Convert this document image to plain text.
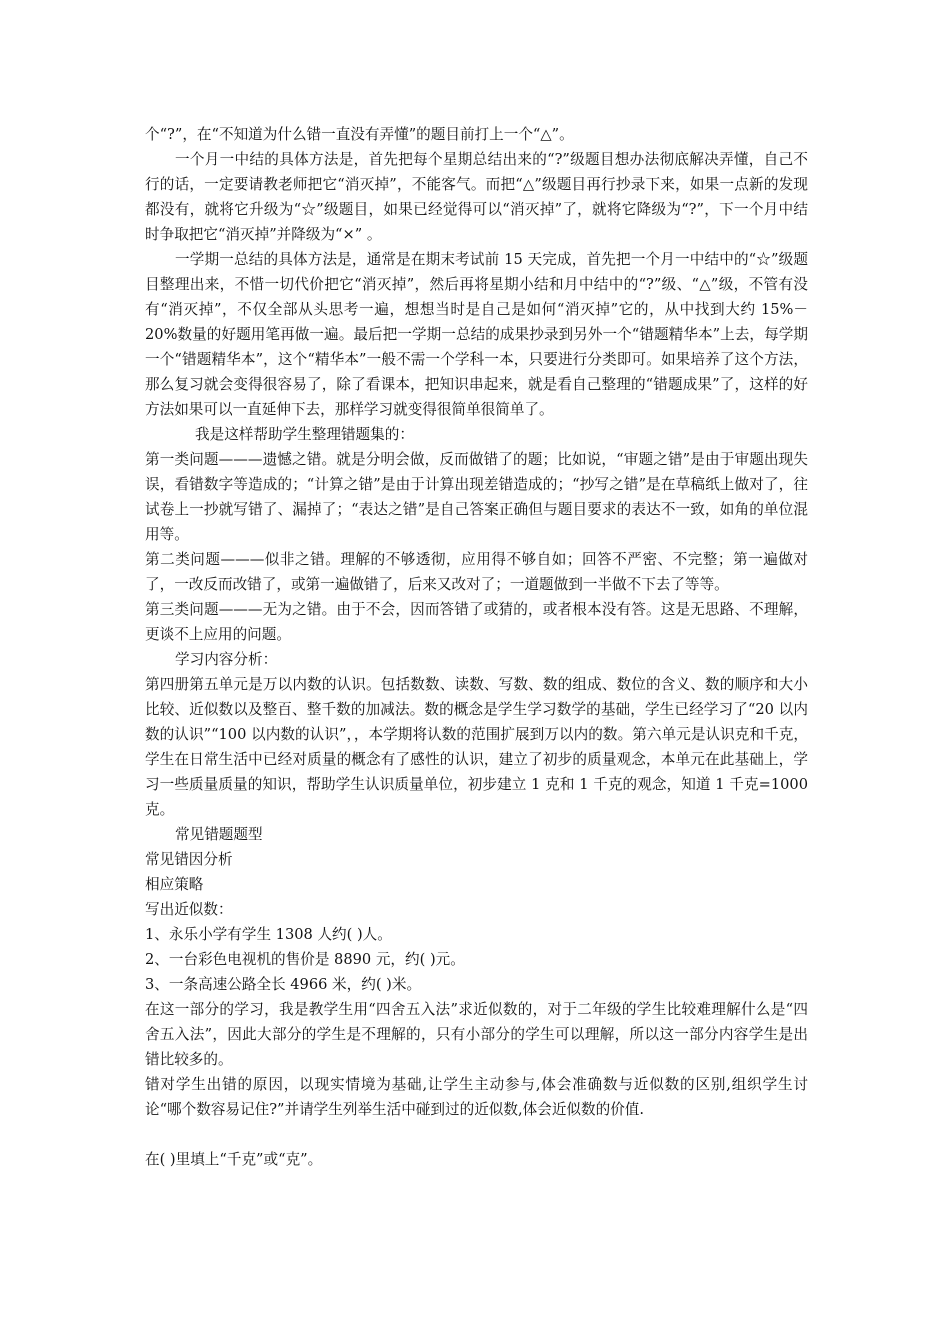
个“?”，在“不知道为什么错一直没有弄懂”的题目前打上一个“△”。

一个月一中结的具体方法是，首先把每个星期总结出来的“?”级题目想办法彻底解决弄懂，自己不行的话，一定要请教老师把它“消灭掉”，不能客气。而把“△”级题目再行抄录下来，如果一点新的发现都没有，就将它升级为“☆”级题目，如果已经觉得可以“消灭掉”了，就将它降级为“?”，下一个月中结时争取把它“消灭掉”并降级为“×” 。

一学期一总结的具体方法是，通常是在期末考试前 15 天完成，首先把一个月一中结中的“☆”级题目整理出来，不惜一切代价把它“消灭掉”，然后再将星期小结和月中结中的“?”级、“△”级，不管有没有“消灭掉”，不仅全部从头思考一遍，想想当时是自己是如何“消灭掉”它的，从中找到大约 15%－20%数量的好题用笔再做一遍。最后把一学期一总结的成果抄录到另外一个“错题精华本”上去，每学期一个“错题精华本”，这个“精华本”一般不需一个学科一本，只要进行分类即可。如果培养了这个方法，那么复习就会变得很容易了，除了看课本，把知识串起来，就是看自己整理的“错题成果”了，这样的好方法如果可以一直延伸下去，那样学习就变得很简单很简单了。

我是这样帮助学生整理错题集的：

第一类问题———遗憾之错。就是分明会做，反而做错了的题；比如说，“审题之错”是由于审题出现失误，看错数字等造成的；“计算之错”是由于计算出现差错造成的；“抄写之错”是在草稿纸上做对了，往试卷上一抄就写错了、漏掉了；“表达之错”是自己答案正确但与题目要求的表达不一致，如角的单位混用等。

第二类问题———似非之错。理解的不够透彻，应用得不够自如；回答不严密、不完整；第一遍做对了，一改反而改错了，或第一遍做错了，后来又改对了；一道题做到一半做不下去了等等。

第三类问题———无为之错。由于不会，因而答错了或猜的，或者根本没有答。这是无思路、不理解，更谈不上应用的问题。

学习内容分析：

第四册第五单元是万以内数的认识。包括数数、读数、写数、数的组成、数位的含义、数的顺序和大小比较、近似数以及整百、整千数的加减法。数的概念是学生学习数学的基础，学生已经学习了“20 以内数的认识”“100 以内数的认识”，，本学期将认数的范围扩展到万以内的数。第六单元是认识克和千克，学生在日常生活中已经对质量的概念有了感性的认识，建立了初步的质量观念，本单元在此基础上，学习一些质量质量的知识，帮助学生认识质量单位，初步建立 1 克和 1 千克的观念，知道 1 千克=1000 克。

常见错题题型

常见错因分析

相应策略

写出近似数：

1、永乐小学有学生 1308 人约( )人。

2、一台彩色电视机的售价是 8890 元，约( )元。

3、一条高速公路全长 4966 米，约( )米。

在这一部分的学习，我是教学生用“四舍五入法”求近似数的，对于二年级的学生比较难理解什么是“四舍五入法”，因此大部分的学生是不理解的，只有小部分的学生可以理解，所以这一部分内容学生是出错比较多的。

错对学生出错的原因，以现实情境为基础,让学生主动参与,体会准确数与近似数的区别,组织学生讨论“哪个数容易记住?”并请学生列举生活中碰到过的近似数,体会近似数的价值.

在( )里填上“千克”或“克”。
